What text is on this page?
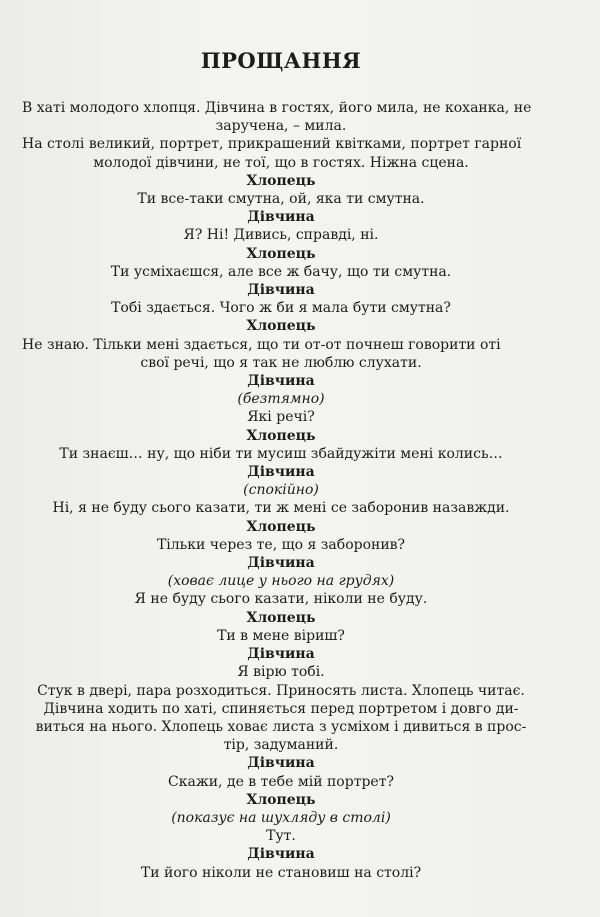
ПРОЩАННЯ
В хаті молодого хлопця. Дівчина в гостях, його мила, не коханка, не
заручена, – мила.
На столі великий, портрет, прикрашений квітками, портрет гарної
молодої дівчини, не тої, що в гостях. Ніжна сцена.
Хлопець
Ти все-таки смутна, ой, яка ти смутна.
Дівчина
Я? Ні! Дивись, справді, ні.
Хлопець
Ти усміхаєшся, але все ж бачу, що ти смутна.
Дівчина
Тобі здається. Чого ж би я мала бути смутна?
Хлопець
Не знаю. Тільки мені здається, що ти от-от почнеш говорити оті
свої речі, що я так не люблю слухати.
Дівчина
(безтямно)
Які речі?
Хлопець
Ти знаєш… ну, що ніби ти мусиш збайдужіти мені колись…
Дівчина
(спокійно)
Ні, я не буду сього казати, ти ж мені се заборонив назавжди.
Хлопець
Тільки через те, що я заборонив?
Дівчина
(ховає лице у нього на грудях)
Я не буду сього казати, ніколи не буду.
Хлопець
Ти в мене віриш?
Дівчина
Я вірю тобі.
Стук в двері, пара розходиться. Приносять листа. Хлопець читає.
Дівчина ходить по хаті, спиняється перед портретом і довго ди-
виться на нього. Хлопець ховає листа з усміхом і дивиться в прос-
тір, задуманий.
Дівчина
Скажи, де в тебе мій портрет?
Хлопець
(показує на шухляду в столі)
Тут.
Дівчина
Ти його ніколи не становиш на столі?
